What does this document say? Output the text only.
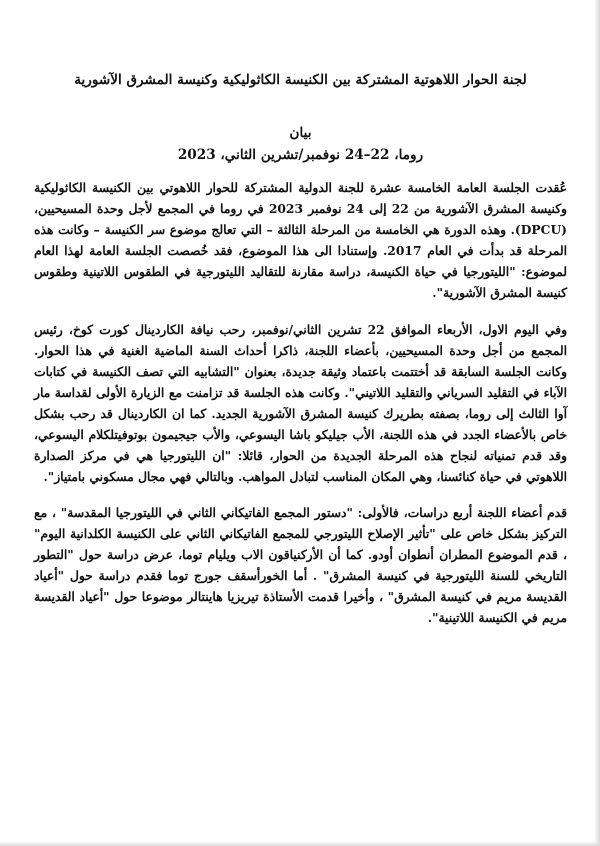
لجنة الحوار اللاهوتية المشتركة بين الكنيسة الكاثوليكية وكنيسة المشرق الآشورية

بيان

روما، 22–24 نوفمبر/تشرين الثاني، 2023

عُقدت الجلسة العامة الخامسة عشرة للجنة الدولية المشتركة للحوار اللاهوتي بين الكنيسة الكاثوليكية وكنيسة المشرق الآشورية من 22 إلى 24 نوفمبر 2023 في روما في المجمع لأجل وحدة المسيحيين، (DPCU). وهذه الدورة هي الخامسة من المرحلة الثالثة – التي تعالج موضوع سر الكنيسة – وكانت هذه المرحلة قد بدأت في العام 2017. وإستنادا الى هذا الموضوع، فقد خُصصت الجلسة العامة لهذا العام لموضوع: "الليتورجيا في حياة الكنيسة، دراسة مقارنة للتقاليد الليتورجية في الطقوس اللاتينية وطقوس كنيسة المشرق الآشورية".

وفي اليوم الاول، الأربعاء الموافق 22 تشرين الثاني/نوفمبر، رحب نيافة الكاردينال كورت كوخ، رئيس المجمع من أجل وحدة المسيحيين، بأعضاء اللجنة، ذاكرا أحداث السنة الماضية الغنية في هذا الحوار. وكانت الجلسة السابقة قد أختتمت باعتماد وثيقة جديدة، بعنوان "التشابيه التي تصف الكنيسة في كتابات الآباء في التقليد السرياني والتقليد اللاتيني". وكانت هذه الجلسة قد تزامنت مع الزيارة الأولى لقداسة مار آوا الثالث إلى روما، بصفته بطريرك كنيسة المشرق الآشورية الجديد. كما ان الكاردينال قد رحب بشكل خاص بالأعضاء الجدد في هذه اللجنة، الأب جيليكو باشا اليسوعي، والأب جيجيمون بوتوفيتلكلام اليسوعي، وقد قدم تمنياته لنجاح هذه المرحلة الجديدة من الحوار، قائلا: "ان الليتورجيا هي في مركز الصدارة اللاهوتي في حياة كنائسنا، وهي المكان المناسب لتبادل المواهب. وبالتالي فهي مجال مسكوني بامتياز".

قدم أعضاء اللجنة أربع دراسات، فالأولى: "دستور المجمع الفاتيكاني الثاني في الليتورجيا المقدسة" ، مع التركيز بشكل خاص على "تأثير الإصلاح الليتورجي للمجمع الفاتيكاني الثاني على الكنيسة الكلدانية اليوم" ، قدم الموضوع المطران أنطوان أودو. كما أن الأركنياقون الاب ويليام توما، عرض دراسة حول "التطور التاريخي للسنة الليتورجية في كنيسة المشرق" . أما الخورأسقف جورج توما فقدم دراسة حول "أعياد القديسة مريم في كنيسة المشرق" ، وأخيرا قدمت الأستاذة تيريزيا هاينتالر موضوعا حول "أعياد القديسة مريم في الكنيسة اللاتينية".
